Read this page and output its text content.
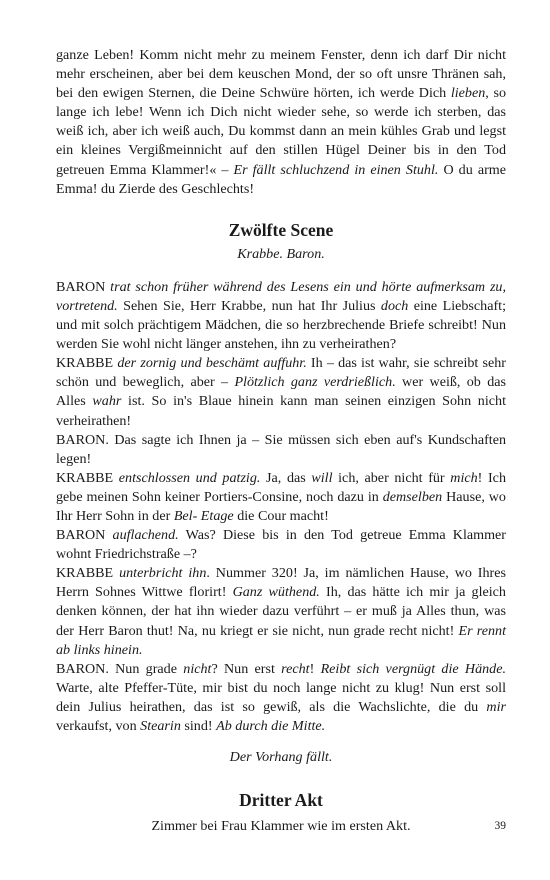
ganze Leben! Komm nicht mehr zu meinem Fenster, denn ich darf Dir nicht mehr erscheinen, aber bei dem keuschen Mond, der so oft unsre Thränen sah, bei den ewigen Sternen, die Deine Schwüre hörten, ich werde Dich lieben, so lange ich lebe! Wenn ich Dich nicht wieder sehe, so werde ich sterben, das weiß ich, aber ich weiß auch, Du kommst dann an mein kühles Grab und legst ein kleines Vergißmeinnicht auf den stillen Hügel Deiner bis in den Tod getreuen Emma Klammer!« – Er fällt schluchzend in einen Stuhl. O du arme Emma! du Zierde des Geschlechts!

Zwölfte Scene
Krabbe. Baron.

BARON trat schon früher während des Lesens ein und hörte aufmerksam zu, vortretend. Sehen Sie, Herr Krabbe, nun hat Ihr Julius doch eine Liebschaft; und mit solch prächtigem Mädchen, die so herzbrechende Briefe schreibt! Nun werden Sie wohl nicht länger anstehen, ihn zu verheirathen?

KRABBE der zornig und beschämt auffuhr. Ih – das ist wahr, sie schreibt sehr schön und beweglich, aber – Plötzlich ganz verdrießlich. wer weiß, ob das Alles wahr ist. So in's Blaue hinein kann man seinen einzigen Sohn nicht verheirathen!

BARON. Das sagte ich Ihnen ja – Sie müssen sich eben auf's Kundschaften legen!

KRABBE entschlossen und patzig. Ja, das will ich, aber nicht für mich! Ich gebe meinen Sohn keiner Portiers-Consine, noch dazu in demselben Hause, wo Ihr Herr Sohn in der Bel- Etage die Cour macht!

BARON auflachend. Was? Diese bis in den Tod getreue Emma Klammer wohnt Friedrichstraße –?

KRABBE unterbricht ihn. Nummer 320! Ja, im nämlichen Hause, wo Ihres Herrn Sohnes Wittwe florirt! Ganz wüthend. Ih, das hätte ich mir ja gleich denken können, der hat ihn wieder dazu verführt – er muß ja Alles thun, was der Herr Baron thut! Na, nu kriegt er sie nicht, nun grade recht nicht! Er rennt ab links hinein.

BARON. Nun grade nicht? Nun erst recht! Reibt sich vergnügt die Hände. Warte, alte Pfeffer-Tüte, mir bist du noch lange nicht zu klug! Nun erst soll dein Julius heirathen, das ist so gewiß, als die Wachslichte, die du mir verkaufst, von Stearin sind! Ab durch die Mitte.

Der Vorhang fällt.
Dritter Akt
Zimmer bei Frau Klammer wie im ersten Akt.	39
